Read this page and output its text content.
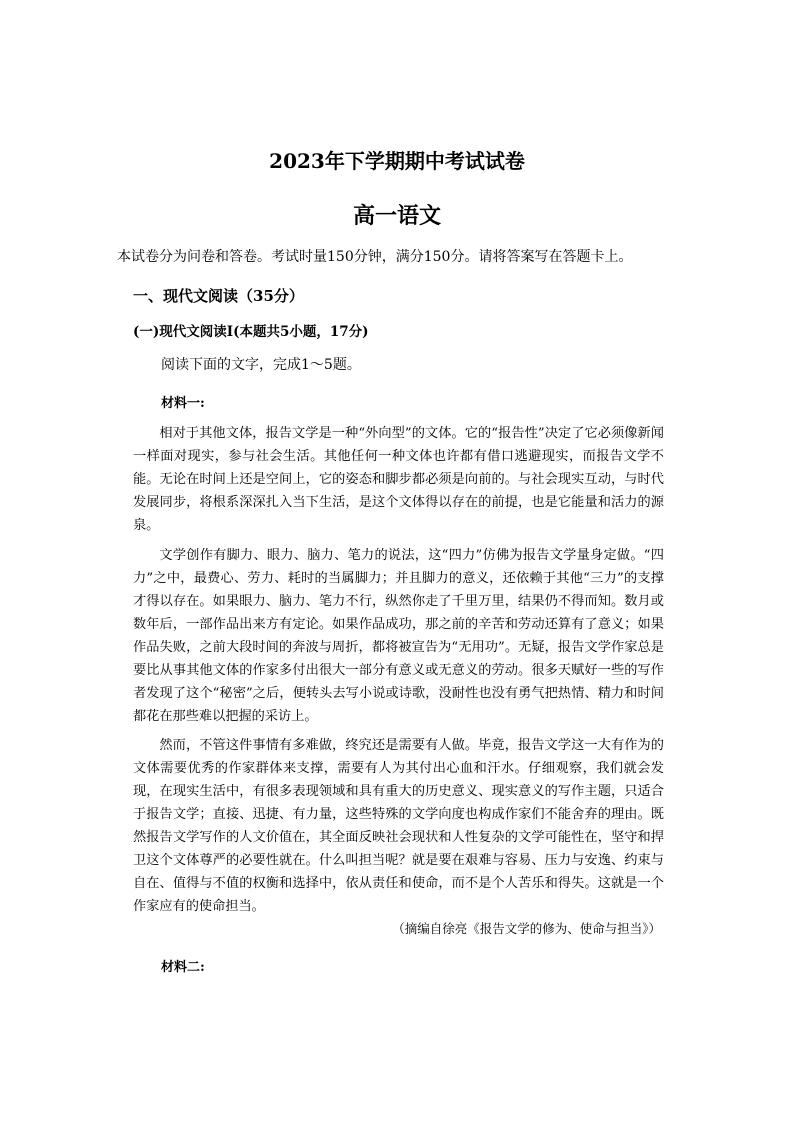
2023年下学期期中考试试卷
高一语文
本试卷分为问卷和答卷。考试时量150分钟，满分150分。请将答案写在答题卡上。
一、现代文阅读（35分）
(一)现代文阅读Ⅰ(本题共5小题，17分)
阅读下面的文字，完成1～5题。
材料一:

相对于其他文体，报告文学是一种“外向型”的文体。它的“报告性”决定了它必须像新闻一样面对现实，参与社会生活。其他任何一种文体也许都有借口逃避现实，而报告文学不能。无论在时间上还是空间上，它的姿态和脚步都必须是向前的。与社会现实互动，与时代发展同步，将根系深深扎入当下生活，是这个文体得以存在的前提，也是它能量和活力的源泉。

文学创作有脚力、眼力、脑力、笔力的说法，这“四力”仿佛为报告文学量身定做。“四力”之中，最费心、劳力、耗时的当属脚力；并且脚力的意义，还依赖于其他“三力”的支撑才得以存在。如果眼力、脑力、笔力不行，纵然你走了千里万里，结果仍不得而知。数月或数年后，一部作品出来方有定论。如果作品成功，那之前的辛苦和劳动还算有了意义；如果作品失败，之前大段时间的奔波与周折，都将被宣告为“无用功”。无疑，报告文学作家总是要比从事其他文体的作家多付出很大一部分有意义或无意义的劳动。很多天赋好一些的写作者发现了这个“秘密”之后，便转头去写小说或诗歌，没耐性也没有勇气把热情、精力和时间都花在那些难以把握的采访上。

然而，不管这件事情有多难做，终究还是需要有人做。毕竟，报告文学这一大有作为的文体需要优秀的作家群体来支撑，需要有人为其付出心血和汗水。仔细观察，我们就会发现，在现实生活中，有很多表现领域和具有重大的历史意义、现实意义的写作主题，只适合于报告文学；直接、迅捷、有力量，这些特殊的文学向度也构成作家们不能舍弃的理由。既然报告文学写作的人文价值在，其全面反映社会现状和人性复杂的文学可能性在，坚守和捍卫这个文体尊严的必要性就在。什么叫担当呢？就是要在艰难与容易、压力与安逸、约束与自在、值得与不值的权衡和选择中，依从责任和使命，而不是个人苦乐和得失。这就是一个作家应有的使命担当。

（摘编自徐亮《报告文学的修为、使命与担当》）
材料二:
